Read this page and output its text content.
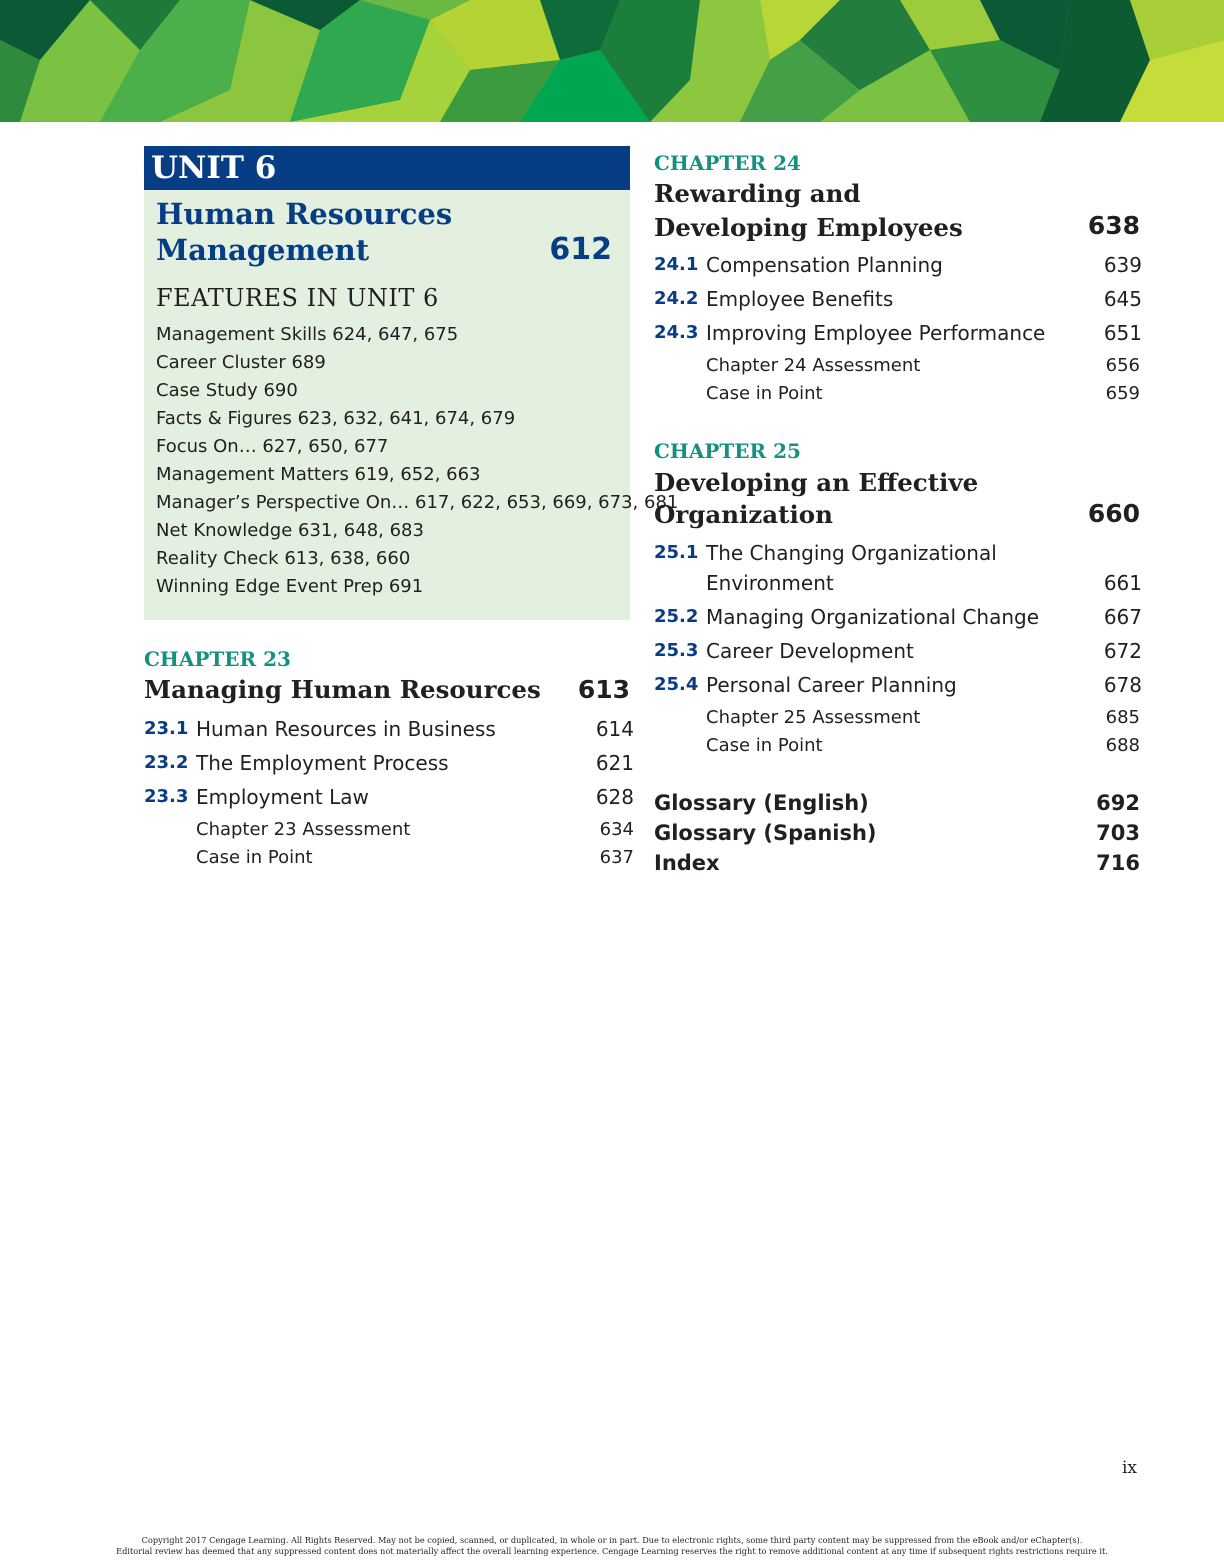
UNIT 6
Human Resources
Management	612
FEATURES IN UNIT 6
Management Skills 624, 647, 675
Career Cluster 689
Case Study 690
Facts & Figures 623, 632, 641, 674, 679
Focus On… 627, 650, 677
Management Matters 619, 652, 663
Manager’s Perspective On… 617, 622, 653, 669, 673, 681
Net Knowledge 631, 648, 683
Reality Check 613, 638, 660
Winning Edge Event Prep 691
CHAPTER 23
Managing Human Resources 613
23.1 Human Resources in Business	614
23.2 The Employment Process	621
23.3 Employment Law	628
Chapter 23 Assessment	634
Case in Point	637
CHAPTER 24
Rewarding and
Developing Employees	638
24.1 Compensation Planning	639
24.2 Employee Benefits	645
24.3 Improving Employee Performance	651
Chapter 24 Assessment	656
Case in Point	659
CHAPTER 25
Developing an Effective
Organization	660
25.1 The Changing Organizational
Environment	661
25.2 Managing Organizational Change	667
25.3 Career Development	672
25.4 Personal Career Planning	678
Chapter 25 Assessment	685
Case in Point	688
Glossary (English)	692
Glossary (Spanish)	703
Index	716
ix
Copyright 2017 Cengage Learning. All Rights Reserved. May not be copied, scanned, or duplicated, in whole or in part. Due to electronic rights, some third party content may be suppressed from the eBook and/or eChapter(s).
Editorial review has deemed that any suppressed content does not materially affect the overall learning experience. Cengage Learning reserves the right to remove additional content at any time if subsequent rights restrictions require it.
